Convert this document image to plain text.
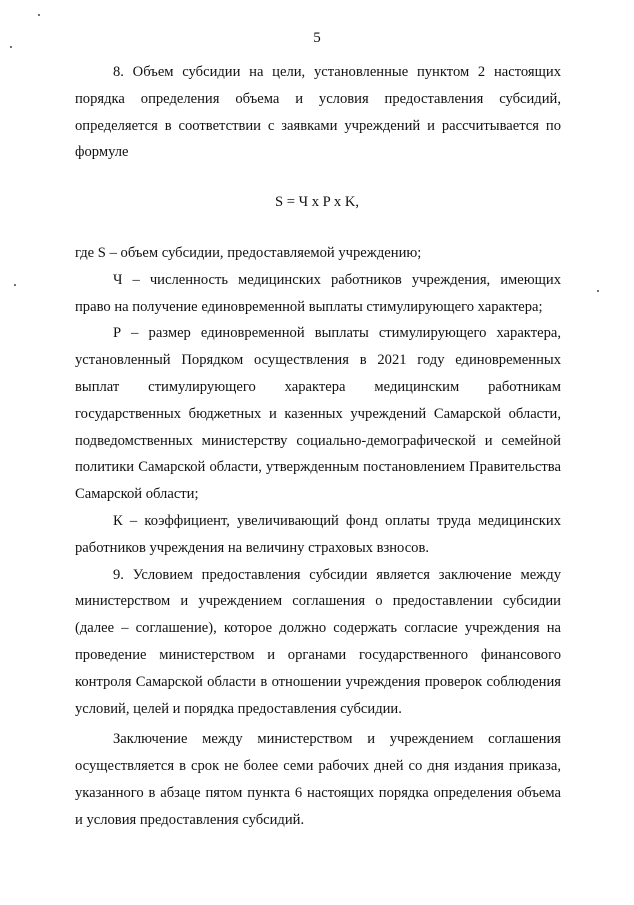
5

8. Объем субсидии на цели, установленные пунктом 2 настоящих порядка определения объема и условия предоставления субсидий, определяется в соответствии с заявками учреждений и рассчитывается по формуле

S = Ч x P x K,

где S – объем субсидии, предоставляемой учреждению;

Ч – численность медицинских работников учреждения, имеющих право на получение единовременной выплаты стимулирующего характера;

Р – размер единовременной выплаты стимулирующего характера, установленный Порядком осуществления в 2021 году единовременных выплат стимулирующего характера медицинским работникам государственных бюджетных и казенных учреждений Самарской области, подведомственных министерству социально-демографической и семейной политики Самарской области, утвержденным постановлением Правительства Самарской области;

К – коэффициент, увеличивающий фонд оплаты труда медицинских работников учреждения на величину страховых взносов.

9. Условием предоставления субсидии является заключение между министерством и учреждением соглашения о предоставлении субсидии (далее – соглашение), которое должно содержать согласие учреждения на проведение министерством и органами государственного финансового контроля Самарской области в отношении учреждения проверок соблюдения условий, целей и порядка предоставления субсидии.

Заключение между министерством и учреждением соглашения осуществляется в срок не более семи рабочих дней со дня издания приказа, указанного в абзаце пятом пункта 6 настоящих порядка определения объема и условия предоставления субсидий.
